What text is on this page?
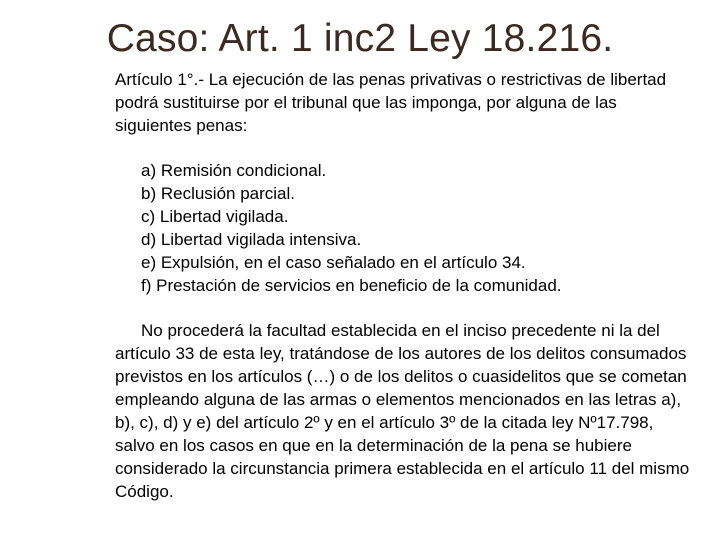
Caso: Art. 1 inc2 Ley 18.216.

Artículo 1°.- La ejecución de las penas privativas o restrictivas de libertad podrá sustituirse por el tribunal que las imponga, por alguna de las siguientes penas:

a) Remisión condicional.
b) Reclusión parcial.
c) Libertad vigilada.
d) Libertad vigilada intensiva.
e) Expulsión, en el caso señalado en el artículo 34.
f) Prestación de servicios en beneficio de la comunidad.

No procederá la facultad establecida en el inciso precedente ni la del artículo 33 de esta ley, tratándose de los autores de los delitos consumados previstos en los artículos (…) o de los delitos o cuasidelitos que se cometan empleando alguna de las armas o elementos mencionados en las letras a), b), c), d) y e) del artículo 2º y en el artículo 3º de la citada ley Nº17.798, salvo en los casos en que en la determinación de la pena se hubiere considerado la circunstancia primera establecida en el artículo 11 del mismo Código.
